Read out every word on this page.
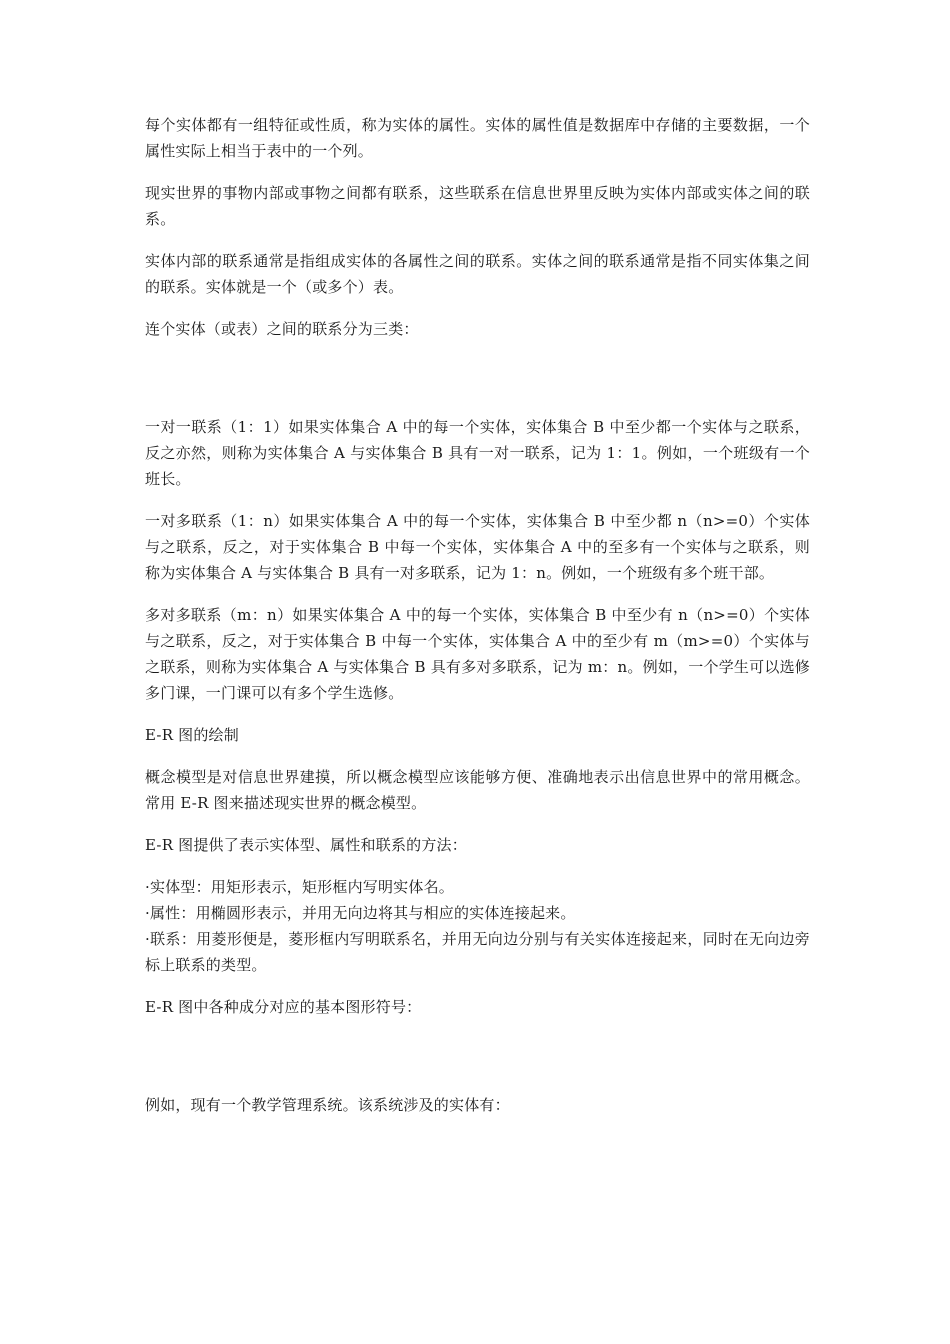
每个实体都有一组特征或性质，称为实体的属性。实体的属性值是数据库中存储的主要数据，一个属性实际上相当于表中的一个列。

现实世界的事物内部或事物之间都有联系，这些联系在信息世界里反映为实体内部或实体之间的联系。

实体内部的联系通常是指组成实体的各属性之间的联系。实体之间的联系通常是指不同实体集之间的联系。实体就是一个（或多个）表。

连个实体（或表）之间的联系分为三类：

一对一联系（1：1）如果实体集合 A 中的每一个实体，实体集合 B 中至少都一个实体与之联系，反之亦然，则称为实体集合 A 与实体集合 B 具有一对一联系，记为 1：1。例如，一个班级有一个班长。

一对多联系（1：n）如果实体集合 A 中的每一个实体，实体集合 B 中至少都 n（n>=0）个实体与之联系，反之，对于实体集合 B 中每一个实体，实体集合 A 中的至多有一个实体与之联系，则称为实体集合 A 与实体集合 B 具有一对多联系，记为 1：n。例如，一个班级有多个班干部。

多对多联系（m：n）如果实体集合 A 中的每一个实体，实体集合 B 中至少有 n（n>=0）个实体与之联系，反之，对于实体集合 B 中每一个实体，实体集合 A 中的至少有 m（m>=0）个实体与之联系，则称为实体集合 A 与实体集合 B 具有多对多联系，记为 m：n。例如，一个学生可以选修多门课，一门课可以有多个学生选修。

E-R 图的绘制

概念模型是对信息世界建摸，所以概念模型应该能够方便、准确地表示出信息世界中的常用概念。常用 E-R 图来描述现实世界的概念模型。

E-R 图提供了表示实体型、属性和联系的方法：

·实体型：用矩形表示，矩形框内写明实体名。

·属性：用椭圆形表示，并用无向边将其与相应的实体连接起来。

·联系：用菱形便是，菱形框内写明联系名，并用无向边分别与有关实体连接起来，同时在无向边旁标上联系的类型。

E-R 图中各种成分对应的基本图形符号：

例如，现有一个教学管理系统。该系统涉及的实体有：
